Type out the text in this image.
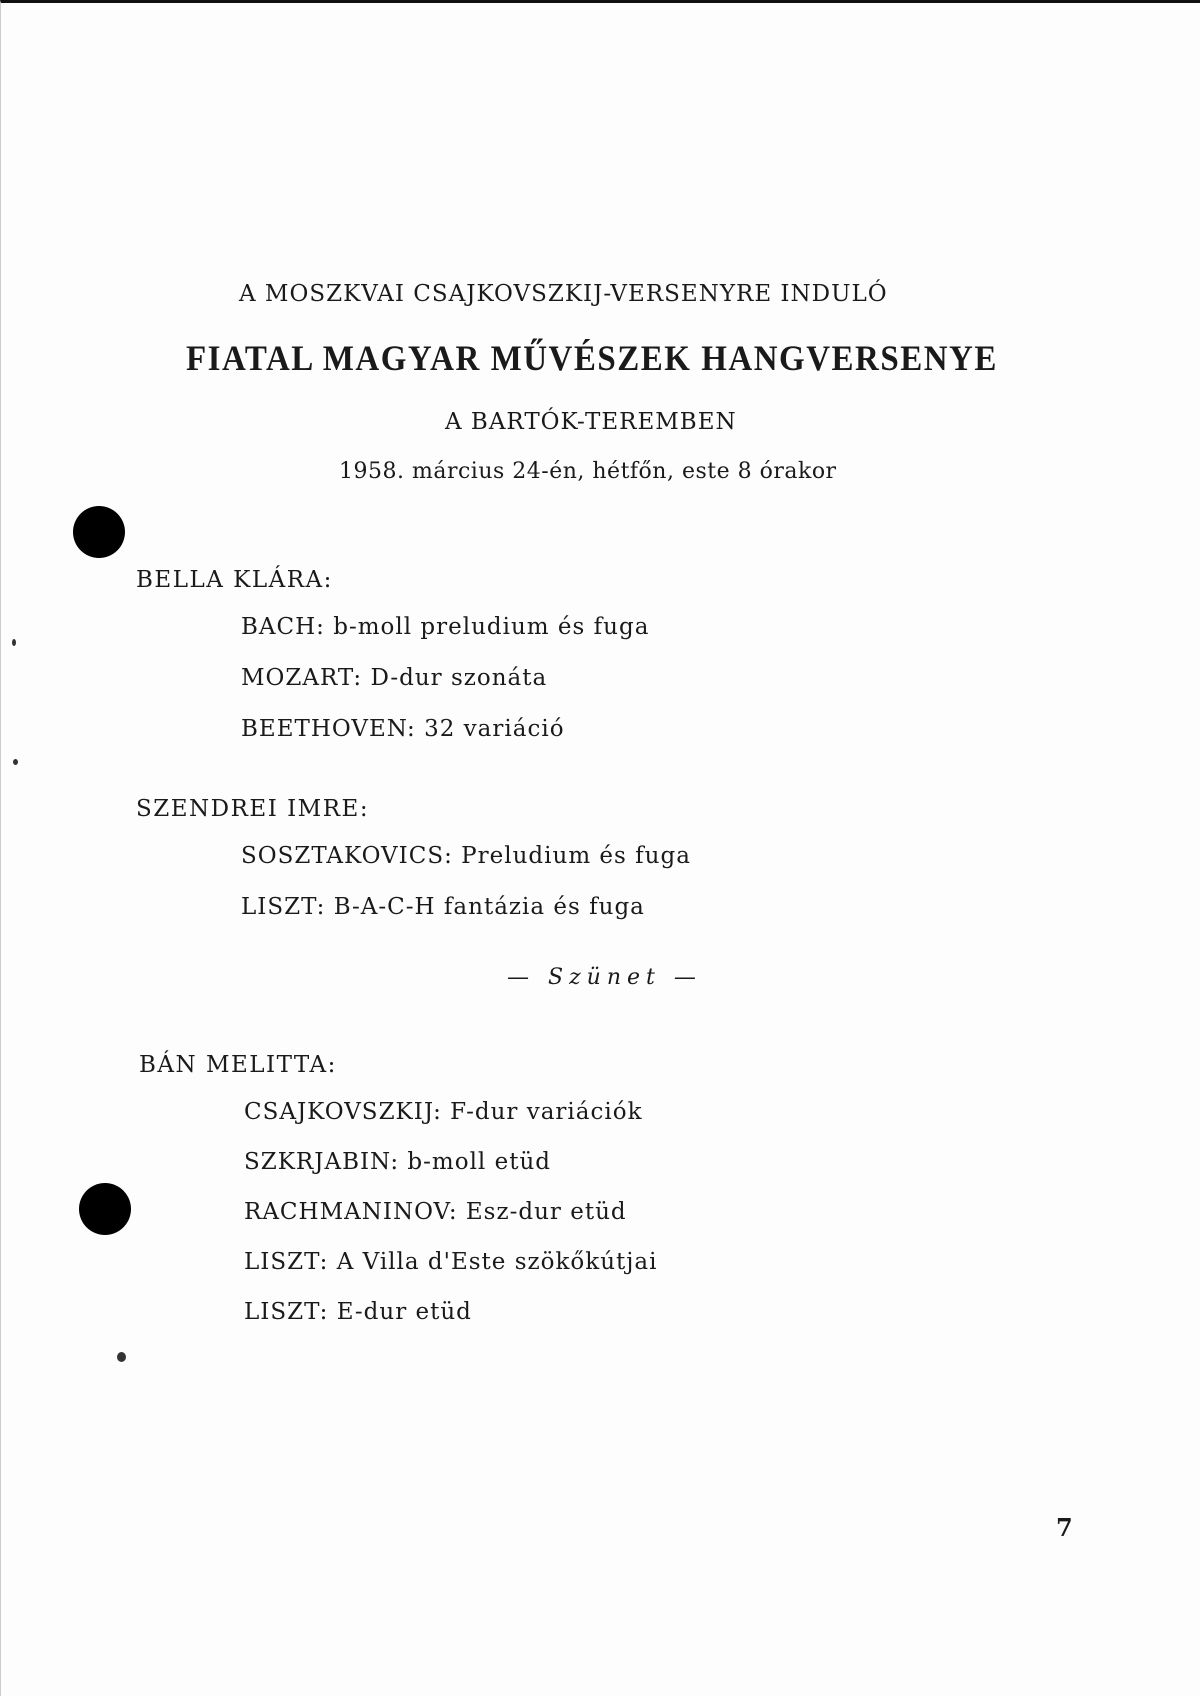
A MOSZKVAI CSAJKOVSZKIJ-VERSENYRE INDULÓ
FIATAL MAGYAR MŰVÉSZEK HANGVERSENYE
A BARTÓK-TEREMBEN
1958. március 24-én, hétfőn, este 8 órakor
BELLA KLÁRA:
BACH: b-moll preludium és fuga
MOZART: D-dur szonáta
BEETHOVEN: 32 variáció
SZENDREI IMRE:
SOSZTAKOVICS: Preludium és fuga
LISZT: B-A-C-H fantázia és fuga
— Szünet —
BÁN MELITTA:
CSAJKOVSZKIJ: F-dur variációk
SZKRJABIN: b-moll etüd
RACHMANINOV: Esz-dur etüd
LISZT: A Villa d'Este szökőkútjai
LISZT: E-dur etüd
7
